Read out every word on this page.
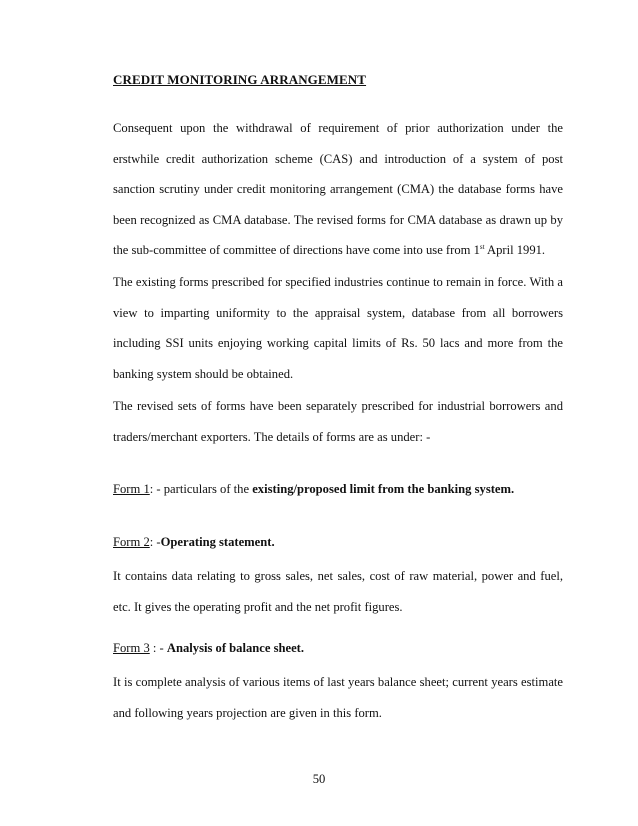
CREDIT MONITORING ARRANGEMENT
Consequent upon the withdrawal of requirement of prior authorization under the erstwhile credit authorization scheme (CAS) and introduction of a system of post sanction scrutiny under credit monitoring arrangement (CMA) the database forms have been recognized as CMA database. The revised forms for CMA database as drawn up by the sub-committee of committee of directions have come into use from 1st April 1991.
The existing forms prescribed for specified industries continue to remain in force. With a view to imparting uniformity to the appraisal system, database from all borrowers including SSI units enjoying working capital limits of Rs. 50 lacs and more from the banking system should be obtained.
The revised sets of forms have been separately prescribed for industrial borrowers and traders/merchant exporters. The details of forms are as under: -
Form 1: - particulars of the existing/proposed limit from the banking system.
Form 2: -Operating statement.
It contains data relating to gross sales, net sales, cost of raw material, power and fuel, etc. It gives the operating profit and the net profit figures.
Form 3 : - Analysis of balance sheet.
It is complete analysis of various items of last years balance sheet; current years estimate and following years projection are given in this form.
50
